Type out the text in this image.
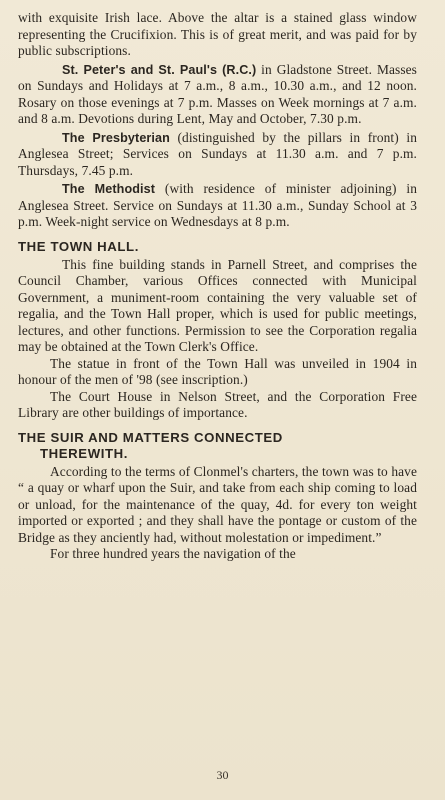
with exquisite Irish lace. Above the altar is a stained glass window representing the Crucifixion. This is of great merit, and was paid for by public subscriptions.

St. Peter's and St. Paul's (R.C.) in Gladstone Street. Masses on Sundays and Holidays at 7 a.m., 8 a.m., 10.30 a.m., and 12 noon. Rosary on those evenings at 7 p.m. Masses on Week mornings at 7 a.m. and 8 a.m. Devotions during Lent, May and October, 7.30 p.m.

The Presbyterian (distinguished by the pillars in front) in Anglesea Street; Services on Sundays at 11.30 a.m. and 7 p.m. Thursdays, 7.45 p.m.

The Methodist (with residence of minister adjoining) in Anglesea Street. Service on Sundays at 11.30 a.m., Sunday School at 3 p.m. Week-night service on Wednesdays at 8 p.m.

THE TOWN HALL.

This fine building stands in Parnell Street, and comprises the Council Chamber, various Offices connected with Municipal Government, a muniment-room containing the very valuable set of regalia, and the Town Hall proper, which is used for public meetings, lectures, and other functions. Permission to see the Corporation regalia may be obtained at the Town Clerk's Office.

The statue in front of the Town Hall was unveiled in 1904 in honour of the men of '98 (see inscription.)

The Court House in Nelson Street, and the Corporation Free Library are other buildings of importance.

THE SUIR AND MATTERS CONNECTED
THEREWITH.

According to the terms of Clonmel's charters, the town was to have “ a quay or wharf upon the Suir, and take from each ship coming to load or unload, for the maintenance of the quay, 4d. for every ton weight imported or exported ; and they shall have the pontage or custom of the Bridge as they anciently had, without molestation or impediment.”

For three hundred years the navigation of the

30
